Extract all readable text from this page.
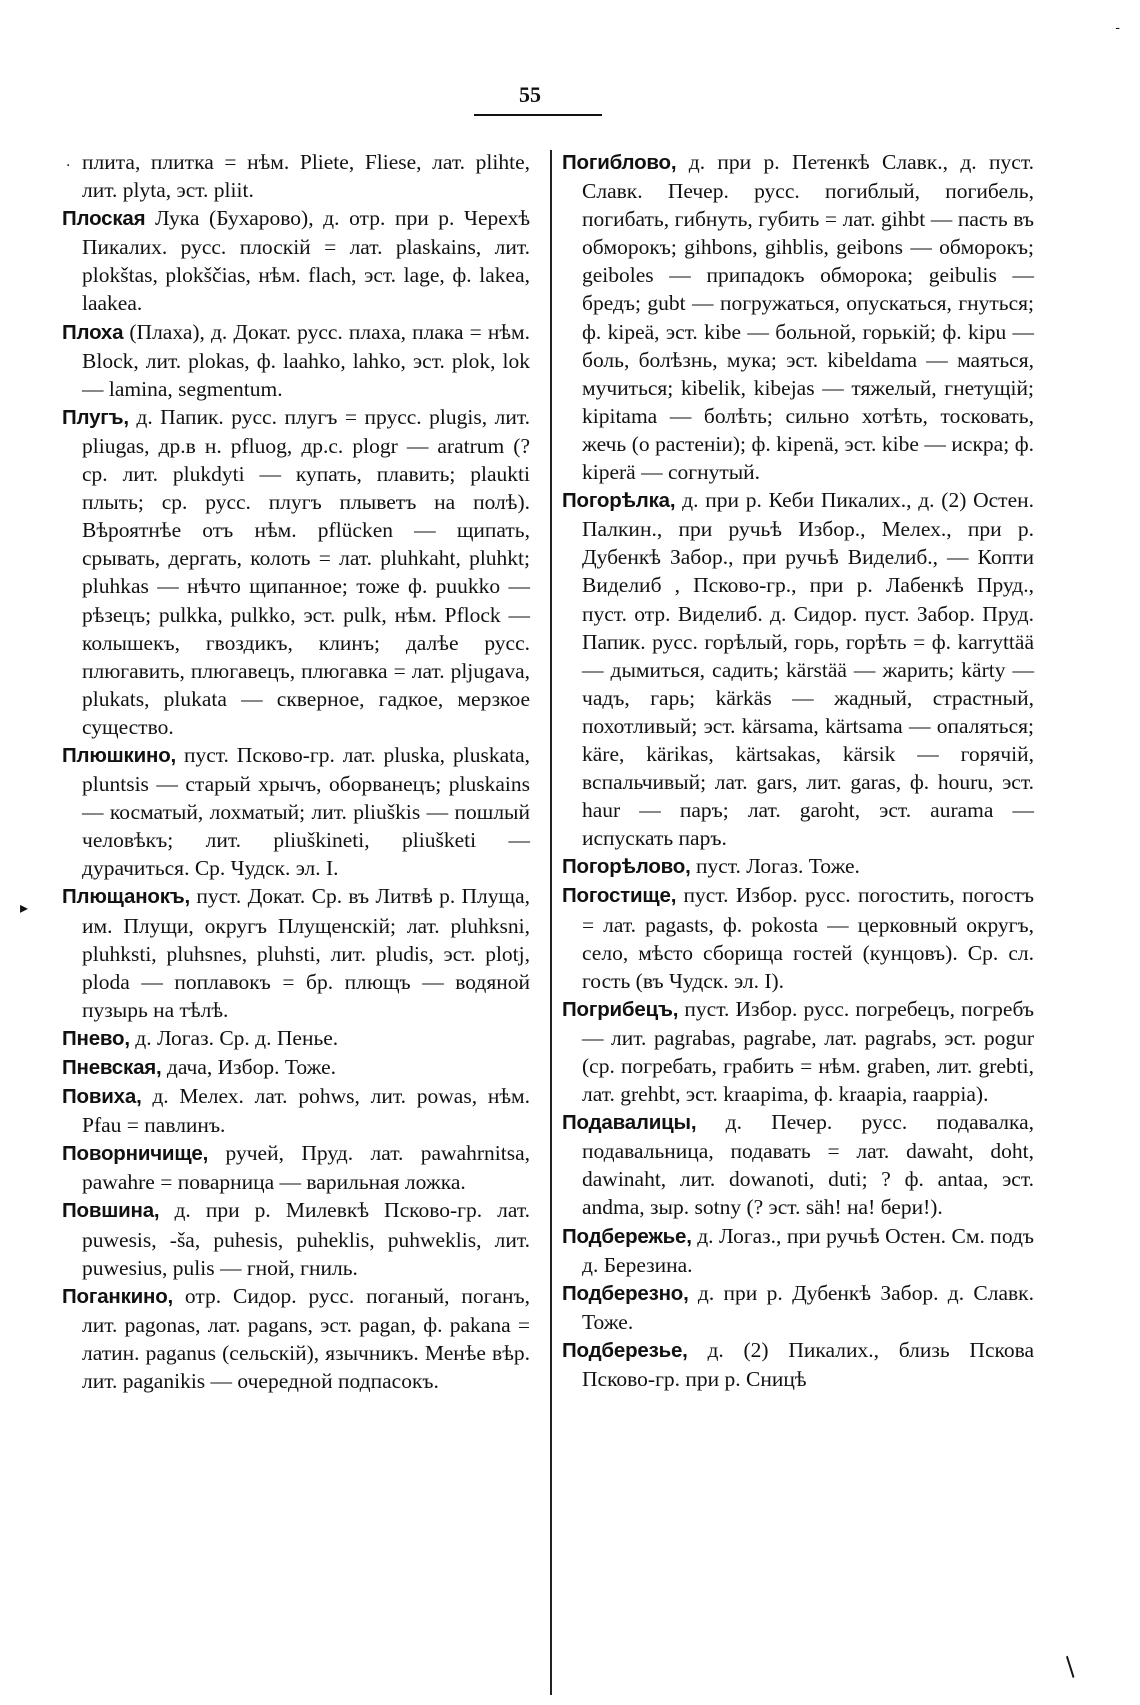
55
·
▸
-
/

плита, плитка = нѣм. Pliete, Fliese, лат. plihte, лит. plyta, эст. pliit.

Плоская Лука (Бухарово), д. отр. при р. Черехѣ Пикалих. русс. плоскiй = лат. plaskains, лит. plokštas, plokščias, нѣм. flach, эст. lage, ф. lakea, laakea.

Плоха (Плаха), д. Докат. русс. плаха, плака = нѣм. Block, лит. plokas, ф. laahko, lahko, эст. plok, lok — lamina, segmentum.

Плугъ, д. Папик. русс. плугъ = прусс. plugis, лит. pliugas, др.в н. pfluog, др.с. plogr — aratrum (? ср. лит. plukdyti — купать, плавить; plaukti плыть; ср. русс. плугъ плыветъ на полѣ). Вѣроятнѣе отъ нѣм. pflücken — щипать, срывать, дергать, колоть = лат. pluhkaht, pluhkt; pluhkas — нѣчто щипанное; тоже ф. puukko — рѣзецъ; pulkka, pulkko, эст. pulk, нѣм. Pflock — колышекъ, гвоздикъ, клинъ; далѣе русс. плюгавить, плюгавецъ, плюгавка = лат. pljugava, plukats, plukata — скверное, гадкое, мерзкое существо.

Плюшкино, пуст. Псково-гр. лат. pluska, pluskata, pluntsis — старый хрычъ, оборванецъ; pluskains — косматый, лохматый; лит. pliuškis — пошлый человѣкъ; лит. pliuškineti, pliušketi — дурачиться. Ср. Чудск. эл. I.

Плющанокъ, пуст. Докат. Ср. въ Литвѣ р. Плуща, им. Плущи, округъ Плущенскiй; лат. pluhksni, pluhksti, pluhsnes, pluhsti, лит. pludis, эст. plotj, ploda — поплавокъ = бр. плющъ — водяной пузырь на тѣлѣ.

Пнево, д. Логаз. Ср. д. Пенье.

Пневская, дача, Избор. Тоже.

Повиха, д. Мелех. лат. pohws, лит. powas, нѣм. Pfau = павлинъ.

Поворничище, ручей, Пруд. лат. pawahrnitsa, pawahre = поварница — варильная ложка.

Повшина, д. при р. Милевкѣ Псково-гр. лат. puwesis, -ša, puhesis, puheklis, puhweklis, лит. puwesius, pulis — гной, гниль.

Поганкино, отр. Сидор. русс. поганый, поганъ, лит. pagonas, лат. pagans, эст. pagan, ф. pakana = латин. paganus (сельскiй), язычникъ. Менѣе вѣр. лит. paganikis — очередной подпасокъ.

Погиблово, д. при р. Петенкѣ Славк., д. пуст. Славк. Печер. русс. погиблый, погибель, погибать, гибнуть, губить = лат. gihbt — пасть въ обморокъ; gihbons, gihblis, geibons — обморокъ; geiboles — припадокъ обморока; geibulis — бредъ; gubt — погружаться, опускаться, гнуться; ф. kipeä, эст. kibe — больной, горькiй; ф. kipu — боль, болѣзнь, мука; эст. kibeldama — маяться, мучиться; kibelik, kibejas — тяжелый, гнетущiй; kipitama — болѣть; сильно хотѣть, тосковать, жечь (о растенiи); ф. kipenä, эст. kibe — искра; ф. kiperä — согнутый.

Погорѣлка, д. при р. Кеби Пикалих., д. (2) Остен. Палкин., при ручьѣ Избор., Мелех., при р. Дубенкѣ Забор., при ручьѣ Виделиб., — Копти Виделиб , Псково-гр., при р. Лабенкѣ Пруд., пуст. отр. Виделиб. д. Сидор. пуст. Забор. Пруд. Папик. русс. горѣлый, горь, горѣть = ф. karryttää — дымиться, садить; kärstää — жарить; kärty — чадъ, гарь; kärkäs — жадный, страстный, похотливый; эст. kärsama, kärtsama — опаляться; käre, kärikas, kärtsakas, kärsik — горячiй, вспальчивый; лат. gars, лит. garas, ф. houru, эст. haur — паръ; лат. garoht, эст. aurama — испускать паръ.

Погорѣлово, пуст. Логаз. Тоже.

Погостище, пуст. Избор. русс. погостить, погостъ = лат. pagasts, ф. pokosta — церковный округъ, село, мѣсто сборища гостей (кунцовъ). Ср. сл. гость (въ Чудск. эл. I).

Погрибецъ, пуст. Избор. русс. погребецъ, погребъ — лит. pagrabas, pagrabe, лат. pagrabs, эст. pogur (ср. погребать, грабить = нѣм. graben, лит. grebti, лат. grehbt, эст. kraapima, ф. kraapia, raappia).

Подавалицы, д. Печер. русс. подавалка, подавальница, подавать = лат. dawaht, doht, dawinaht, лит. dowanoti, duti; ? ф. antaa, эст. andma, зыр. sotny (? эст. säh! на! бери!).

Подбережье, д. Логаз., при ручьѣ Остен. См. подъ д. Березина.

Подберезно, д. при р. Дубенкѣ Забор. д. Славк. Тоже.

Подберезье, д. (2) Пикалих., близь Пскова Псково-гр. при р. Сницѣ
